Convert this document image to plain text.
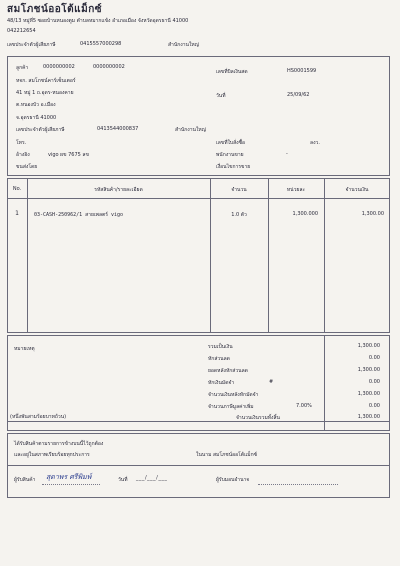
สมโภชน์ออโต้แม็กซ์
48/13 หมู่ที่5 ซอยบ้านหนองตูม ตำบลหมากแข้ง อำเภอเมือง จังหวัดอุดรธานี 41000
042212654
เลขประจำตัวผู้เสียภาษี	0415557000298	สำนักงานใหญ่
ลูกค้า	0000000002	0000000002
หจก. สมโภชน์คาร์เซ็นเตอร์
41 หมู่ 1 ถ.อุดร-หนองคาย
ต.หนองบัว อ.เมือง
จ.อุดรธานี 41000
เลขประจำตัวผู้เสียภาษี	0413544000837	สำนักงานใหญ่
โทร.
อ้างอิง	vigo ผข 7675 ลข
ขนส่งโดย
เลขที่บิลเงินสด	HS0001599
วันที่	25/09/62
เลขที่ใบสั่งซื้อ	ลงว.
พนักงานขาย	-
เงื่อนไขการขาย
No.	รหัสสินค้า/รายละเอียด	จำนวน	หน่วยละ	จำนวนเงิน
1	03-CASH-250962/1 สายเพลตร์ vigo	1.0 ตัว	1,300.000	1,300.00
หมายเหตุ
(หนึ่งพันสามร้อยบาทถ้วน)
รวมเป็นเงิน	1,300.00
หักส่วนลด	0.00
ยอดหลังหักส่วนลด	1,300.00
หักเงินมัดจำ	#	0.00
จำนวนเงินหลังหักมัดจำ	1,300.00
จำนวนภาษีมูลค่าเพิ่ม	7.00%	0.00
จำนวนเงินรวมทั้งสิ้น	1,300.00
ได้รับสินค้าตามรายการข้างบนนี้ไว้ถูกต้อง
และอยู่ในสภาพเรียบร้อยทุกประการ	ในนาม สมโภชน์ออโต้แม็กซ์
ผู้รับสินค้า สุดาพร ศรีพิมพ์	วันที่ ___/___/___	ผู้รับมอบอำนาจ
